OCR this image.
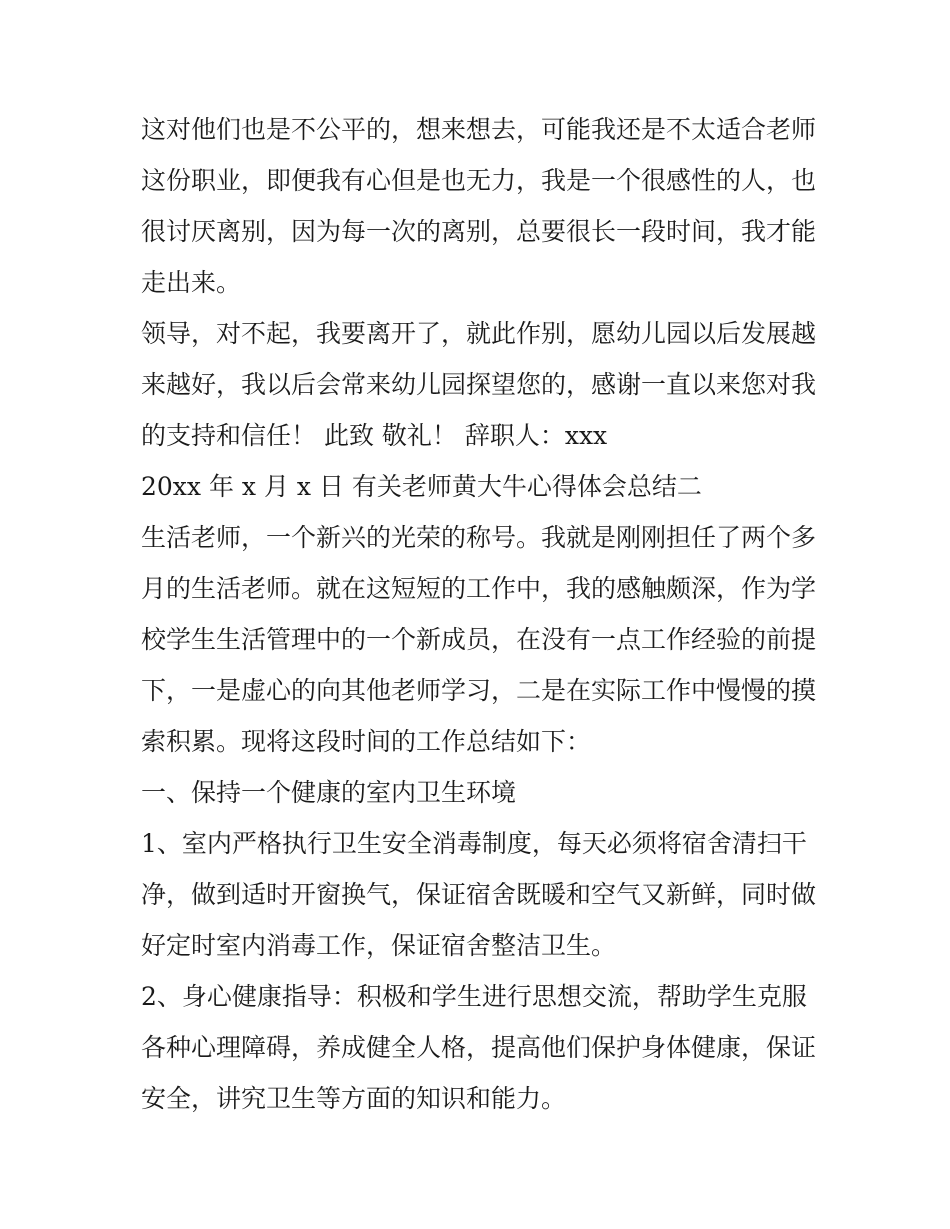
这对他们也是不公平的，想来想去，可能我还是不太适合老师
这份职业，即便我有心但是也无力，我是一个很感性的人，也
很讨厌离别，因为每一次的离别，总要很长一段时间，我才能
走出来。
领导，对不起，我要离开了，就此作别，愿幼儿园以后发展越
来越好，我以后会常来幼儿园探望您的，感谢一直以来您对我
的支持和信任！ 此致 敬礼！ 辞职人：xxx
20xx 年 x 月 x 日 有关老师黄大牛心得体会总结二
生活老师，一个新兴的光荣的称号。我就是刚刚担任了两个多
月的生活老师。就在这短短的工作中，我的感触颇深，作为学
校学生生活管理中的一个新成员，在没有一点工作经验的前提
下，一是虚心的向其他老师学习，二是在实际工作中慢慢的摸
索积累。现将这段时间的工作总结如下：
一、保持一个健康的室内卫生环境
1、室内严格执行卫生安全消毒制度，每天必须将宿舍清扫干
净，做到适时开窗换气，保证宿舍既暖和空气又新鲜，同时做
好定时室内消毒工作，保证宿舍整洁卫生。
2、身心健康指导：积极和学生进行思想交流，帮助学生克服
各种心理障碍，养成健全人格，提高他们保护身体健康，保证
安全，讲究卫生等方面的知识和能力。
